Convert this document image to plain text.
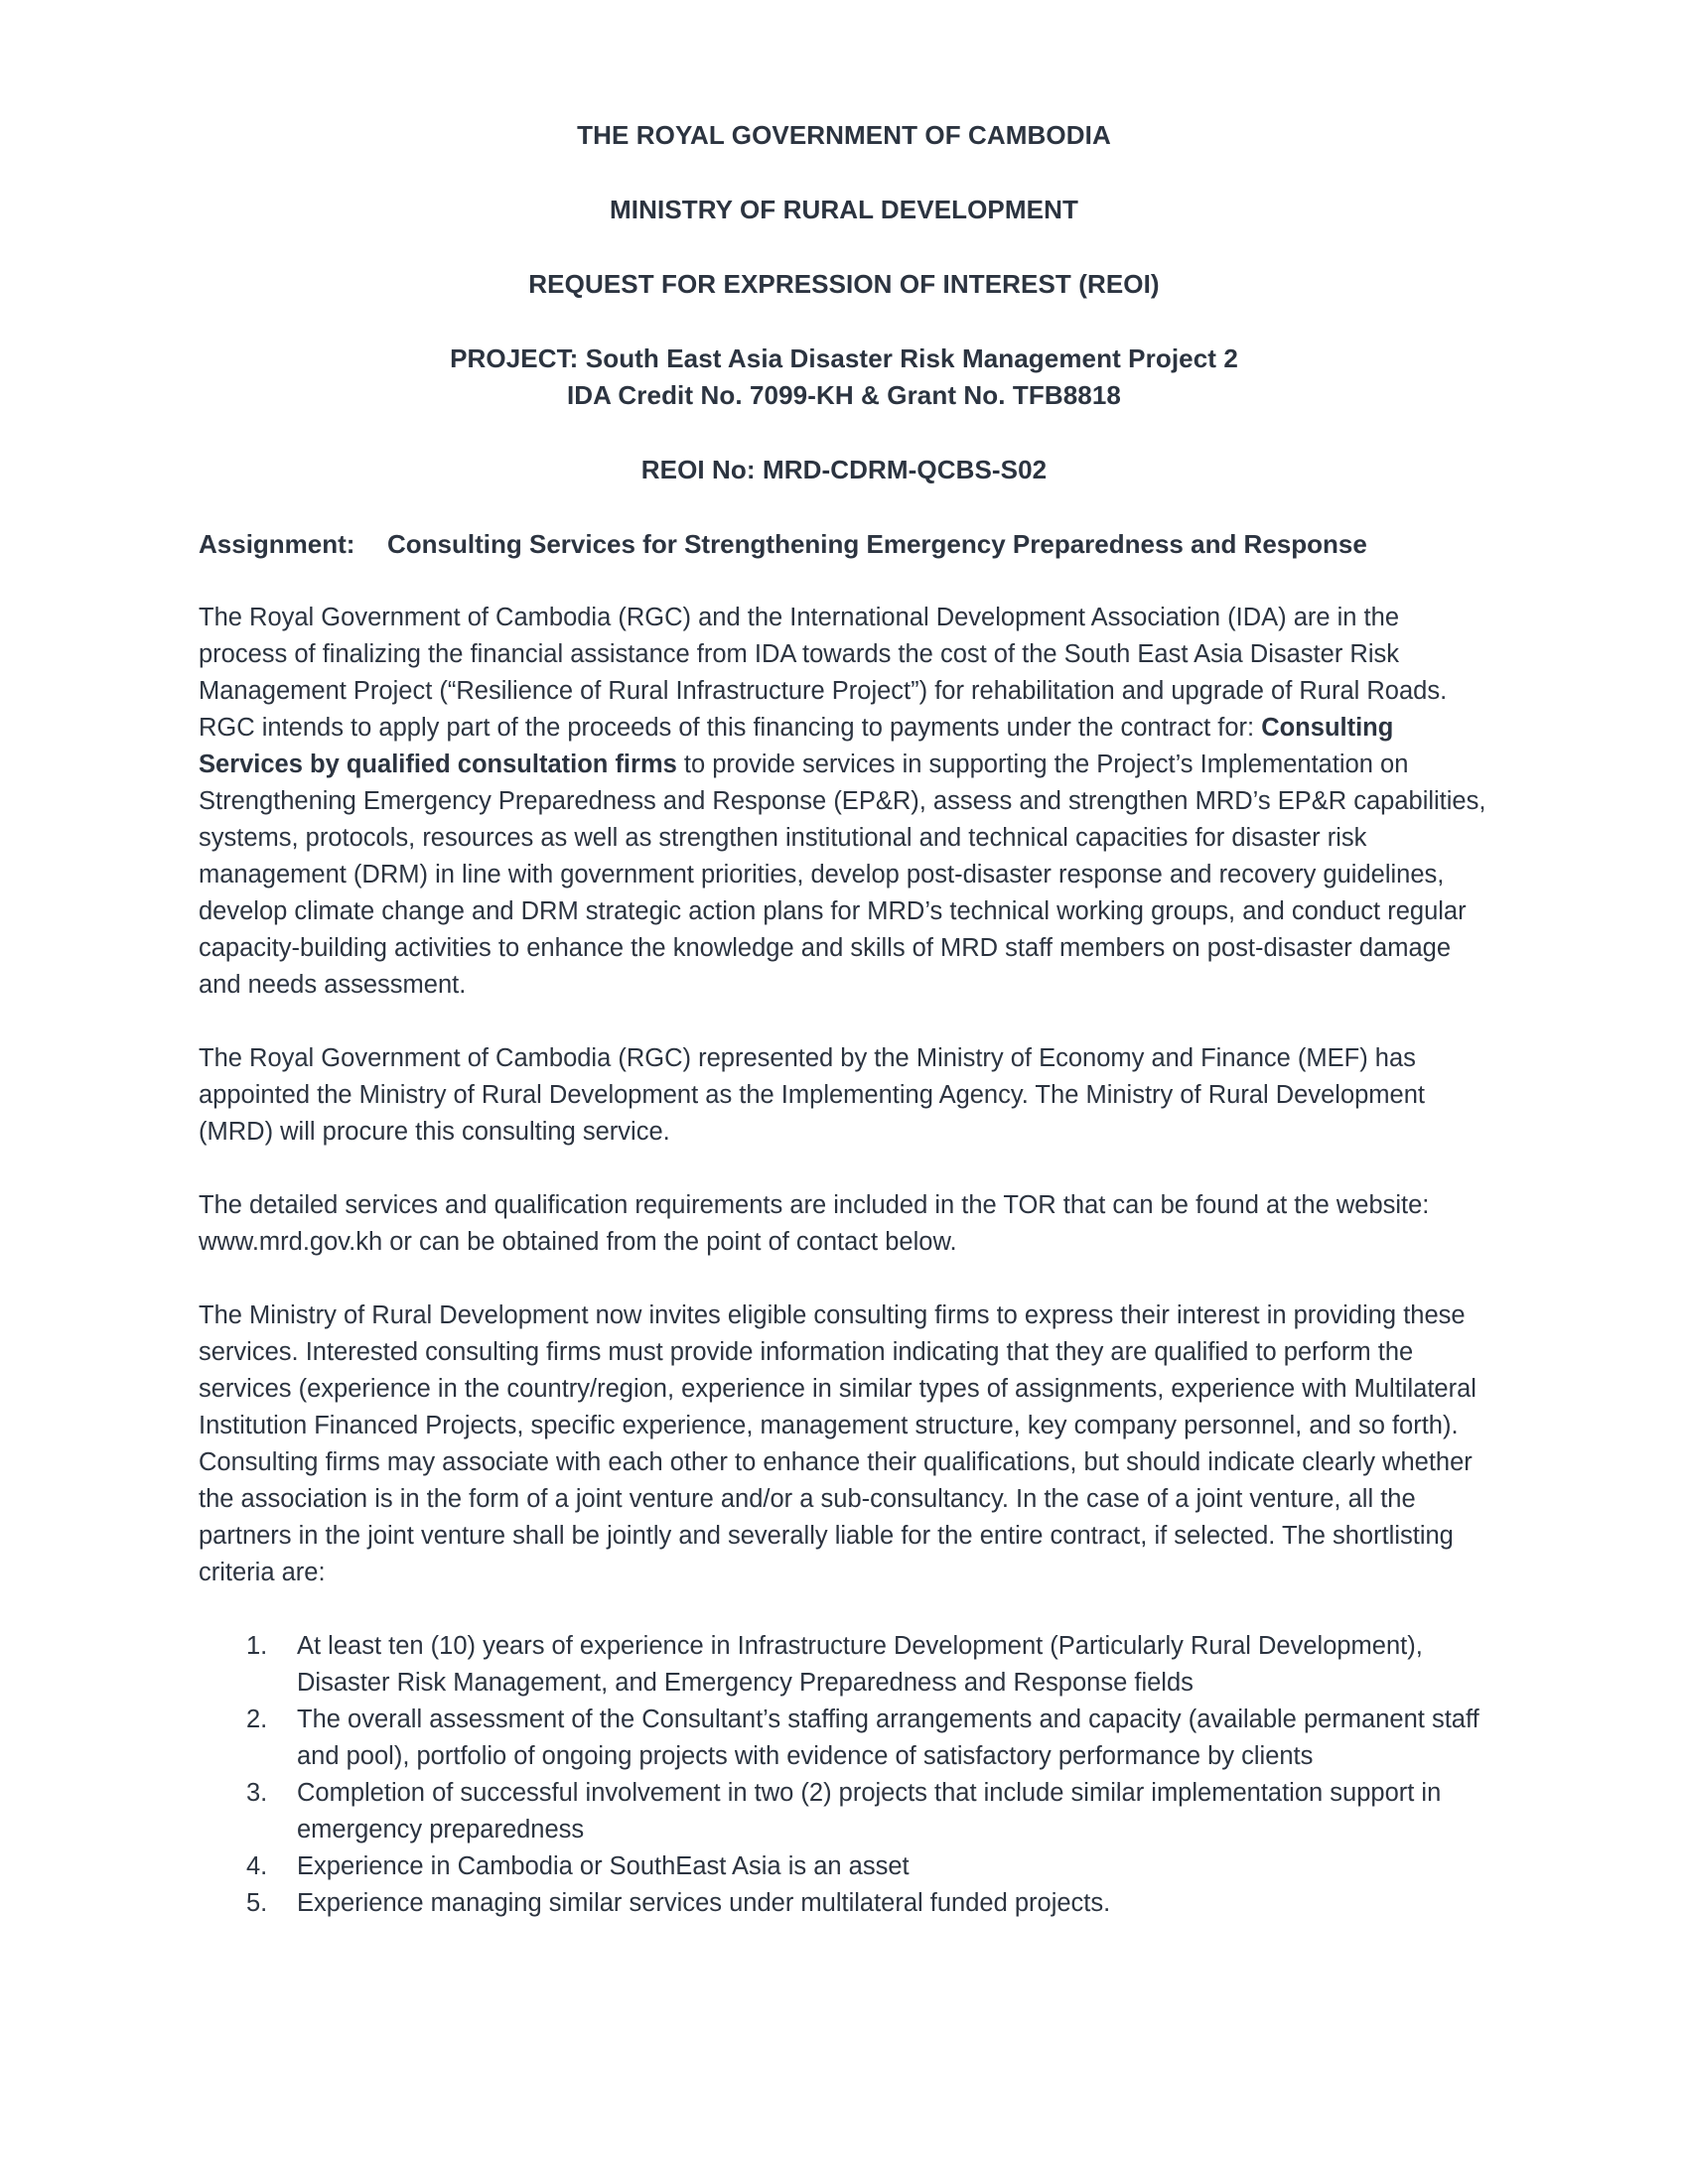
THE ROYAL GOVERNMENT OF CAMBODIA
MINISTRY OF RURAL DEVELOPMENT
REQUEST FOR EXPRESSION OF INTEREST (REOI)
PROJECT: South East Asia Disaster Risk Management Project 2
IDA Credit No. 7099-KH & Grant No. TFB8818
REOI No: MRD-CDRM-QCBS-S02
Assignment: Consulting Services for Strengthening Emergency Preparedness and Response

The Royal Government of Cambodia (RGC) and the International Development Association (IDA) are in the process of finalizing the financial assistance from IDA towards the cost of the South East Asia Disaster Risk Management Project (“Resilience of Rural Infrastructure Project”) for rehabilitation and upgrade of Rural Roads. RGC intends to apply part of the proceeds of this financing to payments under the contract for: Consulting Services by qualified consultation firms to provide services in supporting the Project’s Implementation on Strengthening Emergency Preparedness and Response (EP&R), assess and strengthen MRD’s EP&R capabilities, systems, protocols, resources as well as strengthen institutional and technical capacities for disaster risk management (DRM) in line with government priorities, develop post-disaster response and recovery guidelines, develop climate change and DRM strategic action plans for MRD’s technical working groups, and conduct regular capacity-building activities to enhance the knowledge and skills of MRD staff members on post-disaster damage and needs assessment.

The Royal Government of Cambodia (RGC) represented by the Ministry of Economy and Finance (MEF) has appointed the Ministry of Rural Development as the Implementing Agency. The Ministry of Rural Development (MRD) will procure this consulting service.

The detailed services and qualification requirements are included in the TOR that can be found at the website: www.mrd.gov.kh or can be obtained from the point of contact below.

The Ministry of Rural Development now invites eligible consulting firms to express their interest in providing these services. Interested consulting firms must provide information indicating that they are qualified to perform the services (experience in the country/region, experience in similar types of assignments, experience with Multilateral Institution Financed Projects, specific experience, management structure, key company personnel, and so forth). Consulting firms may associate with each other to enhance their qualifications, but should indicate clearly whether the association is in the form of a joint venture and/or a sub-consultancy. In the case of a joint venture, all the partners in the joint venture shall be jointly and severally liable for the entire contract, if selected. The shortlisting criteria are:

1. At least ten (10) years of experience in Infrastructure Development (Particularly Rural Development), Disaster Risk Management, and Emergency Preparedness and Response fields
2. The overall assessment of the Consultant’s staffing arrangements and capacity (available permanent staff and pool), portfolio of ongoing projects with evidence of satisfactory performance by clients
3. Completion of successful involvement in two (2) projects that include similar implementation support in emergency preparedness
4. Experience in Cambodia or SouthEast Asia is an asset
5. Experience managing similar services under multilateral funded projects.
